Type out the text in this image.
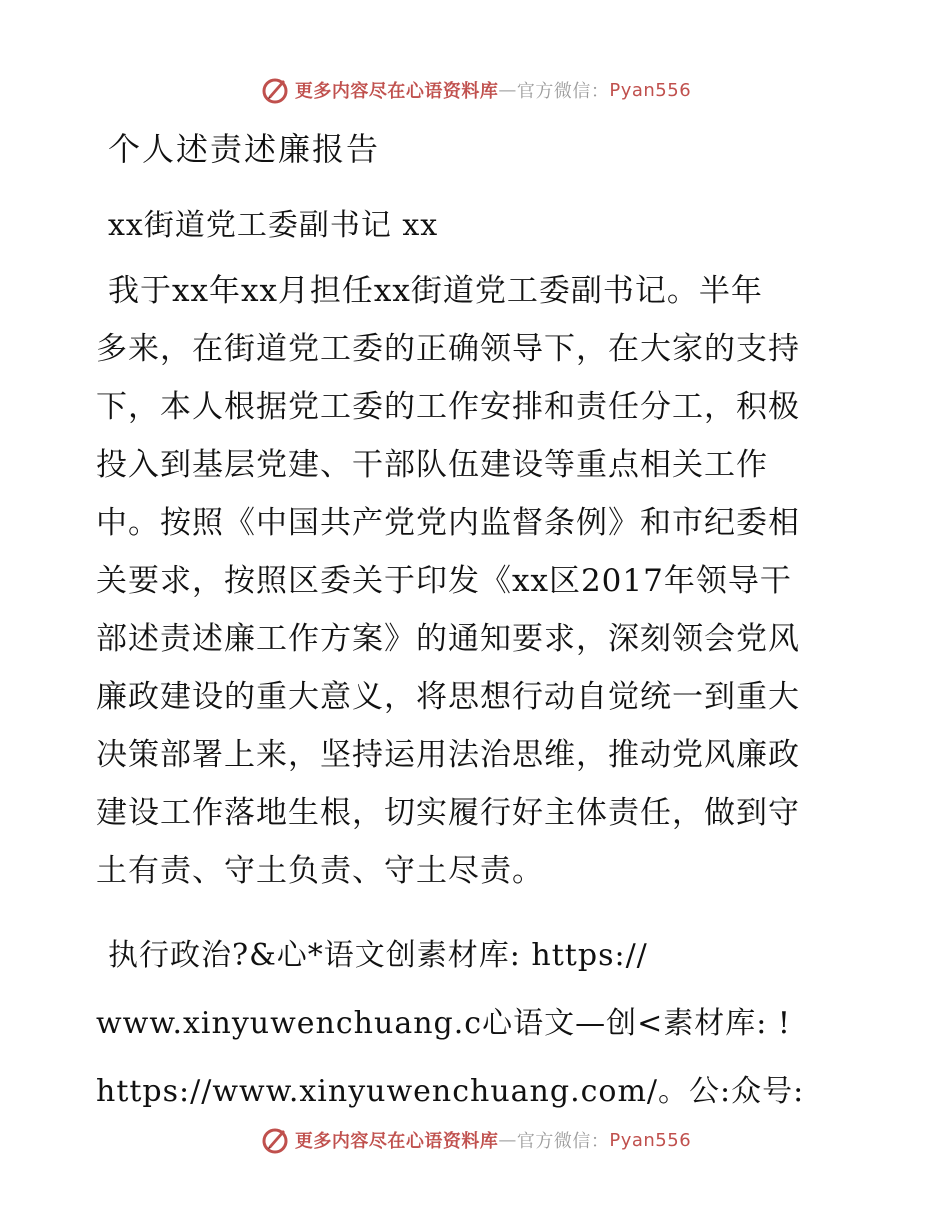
更多内容尽在心语资料库 — 官方微信： Pyan556
个人述责述廉报告
xx街道党工委副书记 xx
我于xx年xx月担任xx街道党工委副书记。半年
多来，在街道党工委的正确领导下，在大家的支持
下，本人根据党工委的工作安排和责任分工，积极
投入到基层党建、干部队伍建设等重点相关工作
中。按照《中国共产党党内监督条例》和市纪委相
关要求，按照区委关于印发《xx区2017年领导干
部述责述廉工作方案》的通知要求，深刻领会党风
廉政建设的重大意义，将思想行动自觉统一到重大
决策部署上来，坚持运用法治思维，推动党风廉政
建设工作落地生根，切实履行好主体责任，做到守
土有责、守土负责、守土尽责。
执行政治?&心*语文创素材库: https://
www.xinyuwenchuang.c心语文—创<素材库: !
https://www.xinyuwenchuang.com/。公:众号:
更多内容尽在心语资料库 — 官方微信： Pyan556
